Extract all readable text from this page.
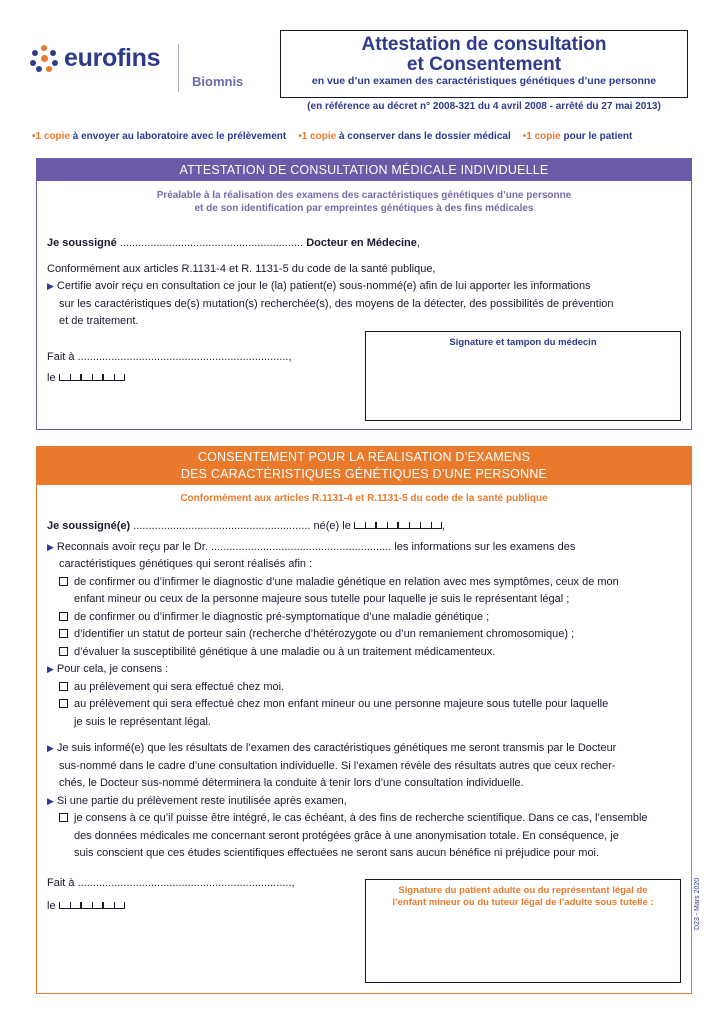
eurofins
Biomnis
Attestation de consultation
et Consentement
en vue d’un examen des caractéristiques génétiques d’une personne
(en référence au décret n° 2008-321 du 4 avril 2008 - arrêté du 27 mai 2013)
•1 copie à envoyer au laboratoire avec le prélèvement •1 copie à conserver dans le dossier médical •1 copie pour le patient
ATTESTATION DE CONSULTATION MÉDICALE INDIVIDUELLE
Préalable à la réalisation des examens des caractéristiques génétiques d’une personne
et de son identification par empreintes génétiques à des fins médicales
Je soussigné ............................................................ Docteur en Médecine,
Conformément aux articles R.1131-4 et R. 1131-5 du code de la santé publique,
▶ Certifie avoir reçu en consultation ce jour le (la) patient(e) sous-nommé(e) afin de lui apporter les informations
sur les caractéristiques de(s) mutation(s) recherchée(s), des moyens de la détecter, des possibilités de prévention
et de traitement.
Fait à .....................................................................,
le
Signature et tampon du médecin
CONSENTEMENT POUR LA RÉALISATION D’EXAMENS
DES CARACTÉRISTIQUES GÉNÉTIQUES D’UNE PERSONNE
Conformément aux articles R.1131-4 et R.1131-5 du code de la santé publique
Je soussigné(e) .......................................................... né(e) le	,
▶ Reconnais avoir reçu par le Dr. ........................................................... les informations sur les examens des
caractéristiques génétiques qui seront réalisés afin :
de confirmer ou d’infirmer le diagnostic d’une maladie génétique en relation avec mes symptômes, ceux de mon
enfant mineur ou ceux de la personne majeure sous tutelle pour laquelle je suis le représentant légal ;
de confirmer ou d’infirmer le diagnostic pré-symptomatique d’une maladie génétique ;
d’identifier un statut de porteur sain (recherche d’hétérozygote ou d’un remaniement chromosomique) ;
d’évaluer la susceptibilité génétique à une maladie ou à un traitement médicamenteux.
▶ Pour cela, je consens :
au prélèvement qui sera effectué chez moi.
au prélèvement qui sera effectué chez mon enfant mineur ou une personne majeure sous tutelle pour laquelle
je suis le représentant légal.
▶ Je suis informé(e) que les résultats de l’examen des caractéristiques génétiques me seront transmis par le Docteur
sus-nommé dans le cadre d’une consultation individuelle. Si l’examen révèle des résultats autres que ceux recher-
chés, le Docteur sus-nommé déterminera la conduite à tenir lors d’une consultation individuelle.
▶ Si une partie du prélèvement reste inutilisée après examen,
je consens à ce qu’il puisse être intégré, le cas échéant, à des fins de recherche scientifique. Dans ce cas, l’ensemble
des données médicales me concernant seront protégées grâce à une anonymisation totale. En conséquence, je
suis conscient que ces études scientifiques effectuées ne seront sans aucun bénéfice ni préjudice pour moi.
Fait à ......................................................................,
le
Signature du patient adulte ou du représentant légal de
l’enfant mineur ou du tuteur légal de l’adulte sous tutelle :	D23 - Mars 2020
